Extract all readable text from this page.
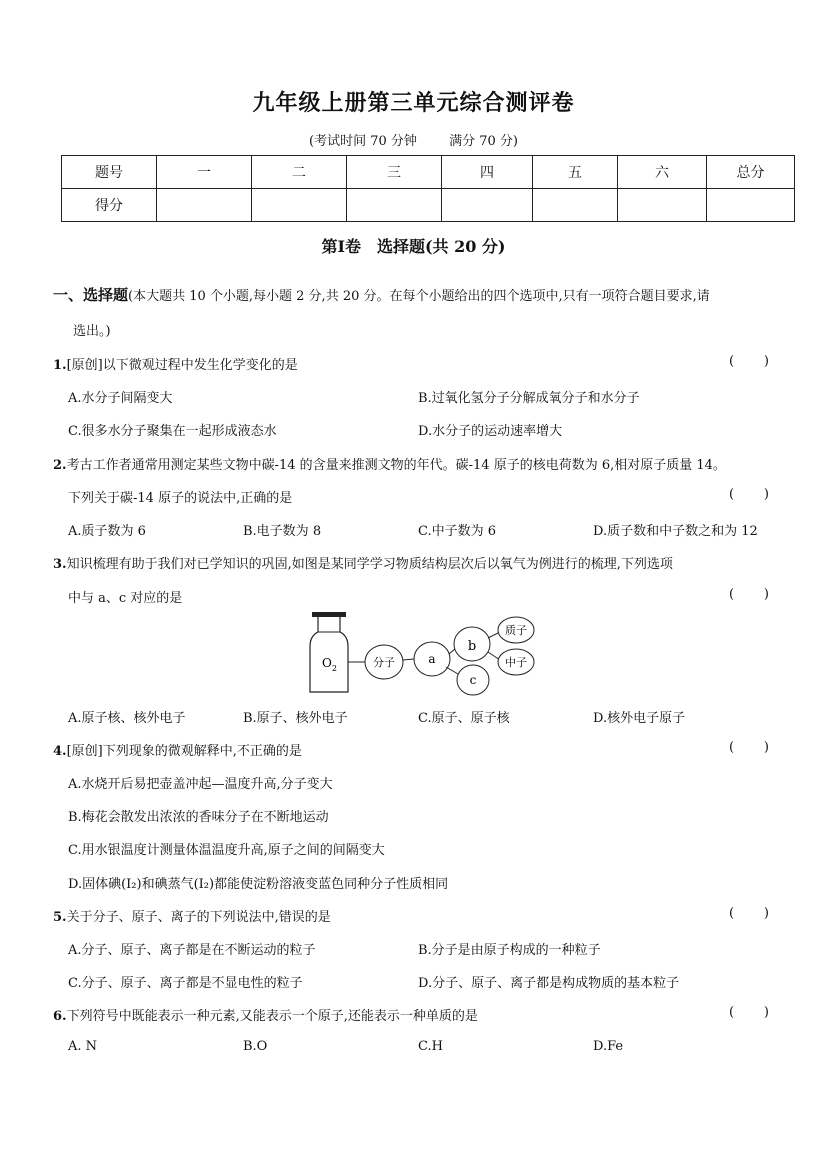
九年级上册第三单元综合测评卷
(考试时间 70 分钟 满分 70 分)
题号	一	二	三	四	五	六	总分
得分							
第Ⅰ卷　选择题(共 20 分)
一、选择题(本大题共 10 个小题,每小题 2 分,共 20 分。在每个小题给出的四个选项中,只有一项符合题目要求,请
选出。)
1.[原创]以下微观过程中发生化学变化的是	( )
A.水分子间隔变大	B.过氧化氢分子分解成氧分子和水分子
C.很多水分子聚集在一起形成液态水	D.水分子的运动速率增大
2.考古工作者通常用测定某些文物中碳-14 的含量来推测文物的年代。碳-14 原子的核电荷数为 6,相对原子质量 14。
下列关于碳-14 原子的说法中,正确的是	( )
A.质子数为 6	B.电子数为 8	C.中子数为 6	D.质子数和中子数之和为 12
3.知识梳理有助于我们对已学知识的巩固,如图是某同学学习物质结构层次后以氧气为例进行的梳理,下列选项
中与 a、c 对应的是	( )
$O_2$	分子	a
b
c
质子
中子
A.原子核、核外电子	B.原子、核外电子	C.原子、原子核	D.核外电子原子
4.[原创]下列现象的微观解释中,不正确的是	( )
A.水烧开后易把壶盖冲起—温度升高,分子变大
B.梅花会散发出浓浓的香味分子在不断地运动
C.用水银温度计测量体温温度升高,原子之间的间隔变大
D.固体碘(I₂)和碘蒸气(I₂)都能使淀粉溶液变蓝色同种分子性质相同
5.关于分子、原子、离子的下列说法中,错误的是	( )
A.分子、原子、离子都是在不断运动的粒子	B.分子是由原子构成的一种粒子
C.分子、原子、离子都是不显电性的粒子	D.分子、原子、离子都是构成物质的基本粒子
6.下列符号中既能表示一种元素,又能表示一个原子,还能表示一种单质的是	( )
A. N	B.O	C.H	D.Fe
